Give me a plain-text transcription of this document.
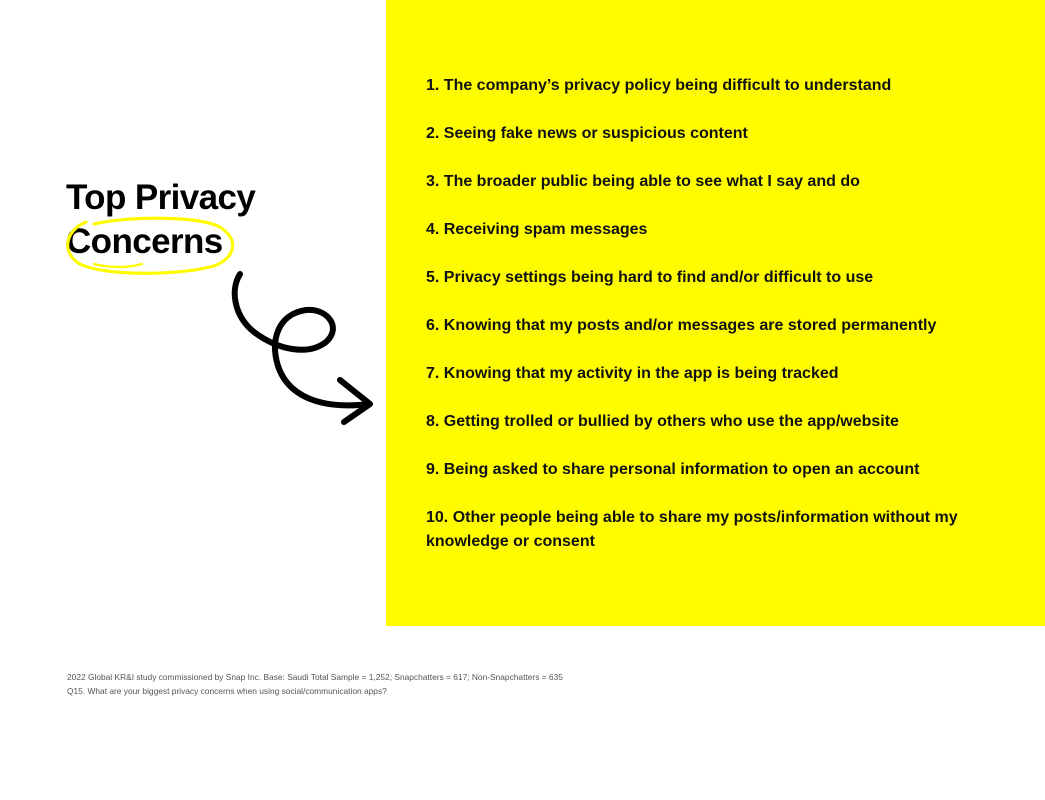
Top Privacy
Concerns
1. The company’s privacy policy being difficult to understand
2. Seeing fake news or suspicious content
3. The broader public being able to see what I say and do
4. Receiving spam messages
5. Privacy settings being hard to find and/or difficult to use
6. Knowing that my posts and/or messages are stored permanently
7. Knowing that my activity in the app is being tracked
8. Getting trolled or bullied by others who use the app/website
9. Being asked to share personal information to open an account
10. Other people being able to share my posts/information without my knowledge or consent
2022 Global KR&I study commissioned by Snap Inc. Base: Saudi Total Sample = 1,252; Snapchatters = 617; Non-Snapchatters = 635
Q15. What are your biggest privacy concerns when using social/communication apps?
